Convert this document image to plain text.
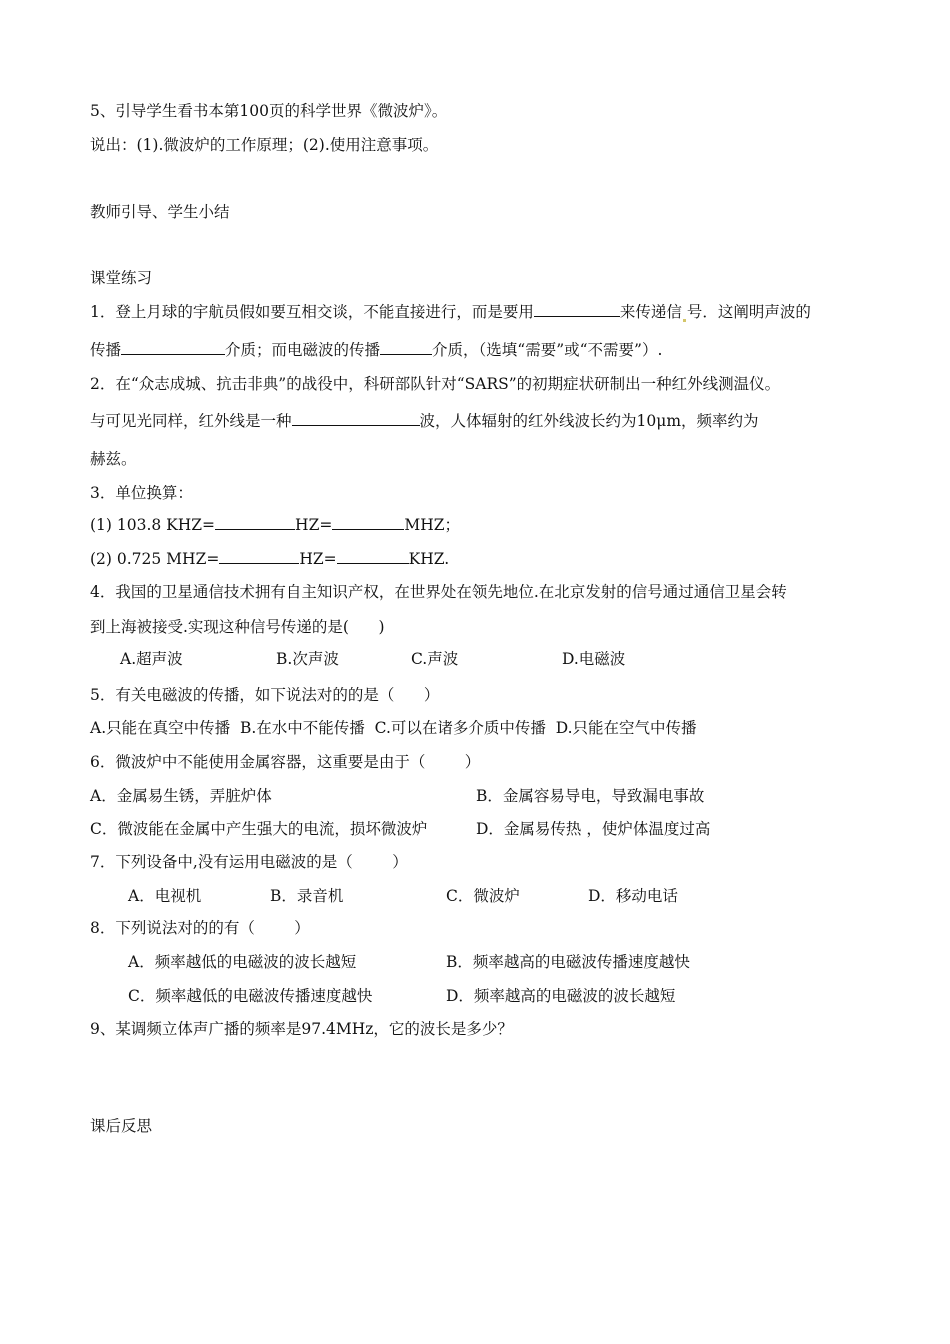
5、引导学生看书本第100页的科学世界《微波炉》。
说出：(1).微波炉的工作原理；(2).使用注意事项。
教师引导、学生小结
课堂练习
1．登上月球的宇航员假如要互相交谈，不能直接进行，而是要用	来传递信 号．这阐明声波的
传播	介质；而电磁波的传播	介质，（选填“需要”或“不需要”）.
2．在“众志成城、抗击非典”的战役中，科研部队针对“SARS”的初期症状研制出一种红外线测温仪。
与可见光同样，红外线是一种	波，人体辐射的红外线波长约为10μm，频率约为
赫兹。
3．单位换算：
(1) 103.8 KHZ=	HZ=	MHZ；
(2) 0.725 MHZ=	HZ=	KHZ.
4．我国的卫星通信技术拥有自主知识产权，在世界处在领先地位.在北京发射的信号通过通信卫星会转
到上海被接受.实现这种信号传递的是(      )
A.超声波	B.次声波	C.声波	D.电磁波
5．有关电磁波的传播，如下说法对的的是（      ）
A.只能在真空中传播  B.在水中不能传播  C.可以在诸多介质中传播  D.只能在空气中传播
6．微波炉中不能使用金属容器，这重要是由于（        ）
A．金属易生锈，弄脏炉体	B．金属容易导电，导致漏电事故
C．微波能在金属中产生强大的电流，损坏微波炉	D．金属易传热 ，使炉体温度过高
7．下列设备中,没有运用电磁波的是（        ）
A．电视机	B．录音机	C．微波炉	D．移动电话
8．下列说法对的的有（        ）
A．频率越低的电磁波的波长越短	B．频率越高的电磁波传播速度越快
C．频率越低的电磁波传播速度越快	D．频率越高的电磁波的波长越短
9、某调频立体声广播的频率是97.4MHz，它的波长是多少？
课后反思
